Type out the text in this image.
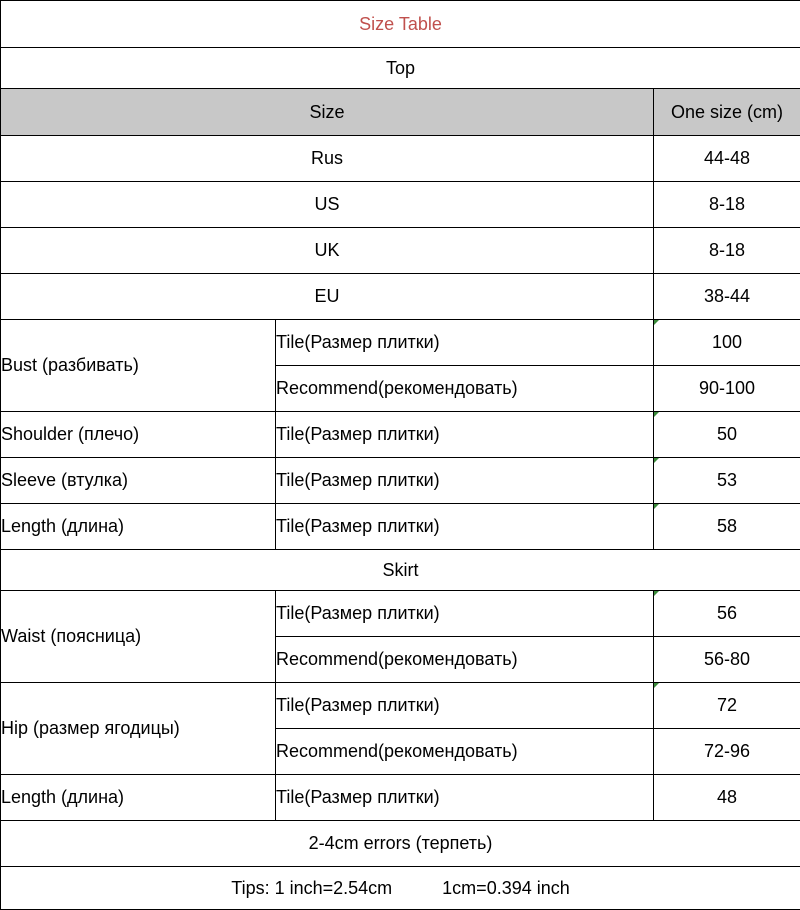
Size Table		
Top		
Size		One size (cm)
Rus		44-48
US		8-18
UK		8-18
EU		38-44
Bust (разбивать)	Tile(Размер плитки)	100
	Recommend(рекомендовать)	90-100
Shoulder (плечо)	Tile(Размер плитки)	50
Sleeve (втулка)	Tile(Размер плитки)	53
Length (длина)	Tile(Размер плитки)	58
Skirt		
Waist (поясница)	Tile(Размер плитки)	56
	Recommend(рекомендовать)	56-80
Hip (размер ягодицы)	Tile(Размер плитки)	72
	Recommend(рекомендовать)	72-96
Length (длина)	Tile(Размер плитки)	48
2-4cm errors (терпеть)		
Tips: 1 inch=2.54cm 1cm=0.394 inch		
